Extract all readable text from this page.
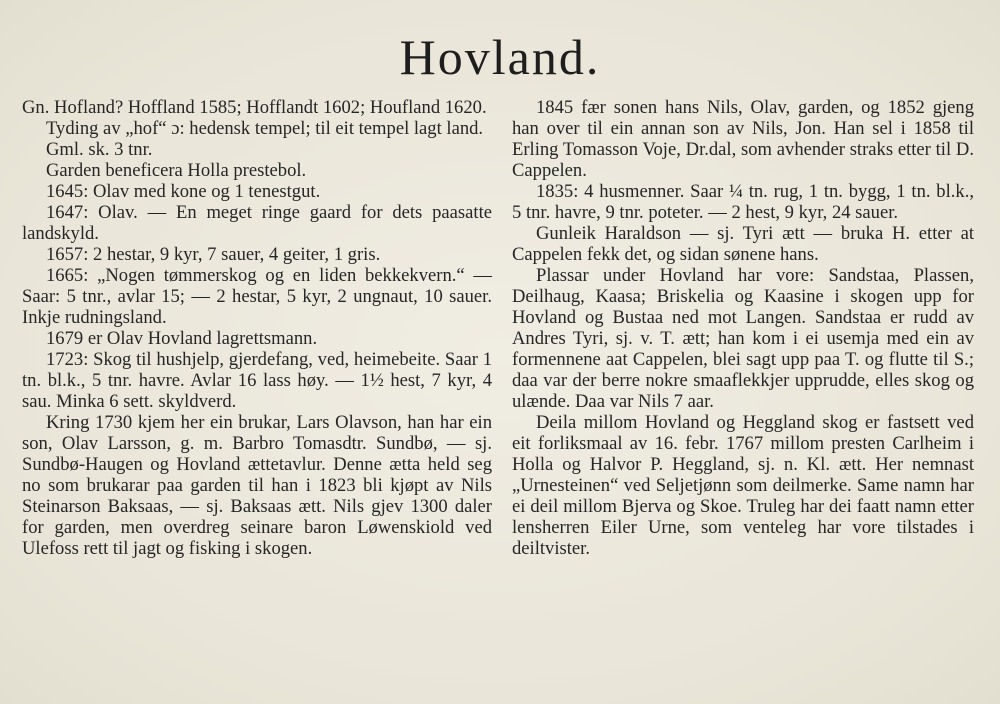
Hovland.

Gn. Hofland? Hoffland 1585; Hofflandt 1602; Houfland 1620.

Tyding av „hof“ ɔ: hedensk tempel; til eit tempel lagt land.

Gml. sk. 3 tnr.

Garden beneficera Holla prestebol.

1645: Olav med kone og 1 tenestgut.

1647: Olav. — En meget ringe gaard for dets paasatte landskyld.

1657: 2 hestar, 9 kyr, 7 sauer, 4 geiter, 1 gris.

1665: „Nogen tømmerskog og en liden bekkekvern.“ — Saar: 5 tnr., avlar 15; — 2 hestar, 5 kyr, 2 ungnaut, 10 sauer. Inkje rudningsland.

1679 er Olav Hovland lagrettsmann.

1723: Skog til hushjelp, gjerdefang, ved, heimebeite. Saar 1 tn. bl.k., 5 tnr. havre. Avlar 16 lass høy. — 1½ hest, 7 kyr, 4 sau. Minka 6 sett. skyldverd.

Kring 1730 kjem her ein brukar, Lars Olavson, han har ein son, Olav Larsson, g. m. Barbro Tomasdtr. Sundbø, — sj. Sundbø-Haugen og Hovland ættetavlur. Denne ætta held seg no som brukarar paa garden til han i 1823 bli kjøpt av Nils Steinarson Baksaas, — sj. Baksaas ætt. Nils gjev 1300 daler for garden, men overdreg seinare baron Løwenskiold ved Ulefoss rett til jagt og fisking i skogen.

1845 fær sonen hans Nils, Olav, garden, og 1852 gjeng han over til ein annan son av Nils, Jon. Han sel i 1858 til Erling Tomasson Voje, Dr.dal, som avhender straks etter til D. Cappelen.

1835: 4 husmenner. Saar ¼ tn. rug, 1 tn. bygg, 1 tn. bl.k., 5 tnr. havre, 9 tnr. poteter. — 2 hest, 9 kyr, 24 sauer.

Gunleik Haraldson — sj. Tyri ætt — bruka H. etter at Cappelen fekk det, og sidan sønene hans.

Plassar under Hovland har vore: Sandstaa, Plassen, Deilhaug, Kaasa; Briskelia og Kaasine i skogen upp for Hovland og Bustaa ned mot Langen. Sandstaa er rudd av Andres Tyri, sj. v. T. ætt; han kom i ei usemja med ein av formennene aat Cappelen, blei sagt upp paa T. og flutte til S.; daa var der berre nokre smaaflekkjer upprudde, elles skog og ulænde. Daa var Nils 7 aar.

Deila millom Hovland og Heggland skog er fastsett ved eit forliksmaal av 16. febr. 1767 millom presten Carlheim i Holla og Halvor P. Heggland, sj. n. Kl. ætt. Her nemnast „Urnesteinen“ ved Seljetjønn som deilmerke. Same namn har ei deil millom Bjerva og Skoe. Truleg har dei faatt namn etter lensherren Eiler Urne, som venteleg har vore tilstades i deiltvister.
